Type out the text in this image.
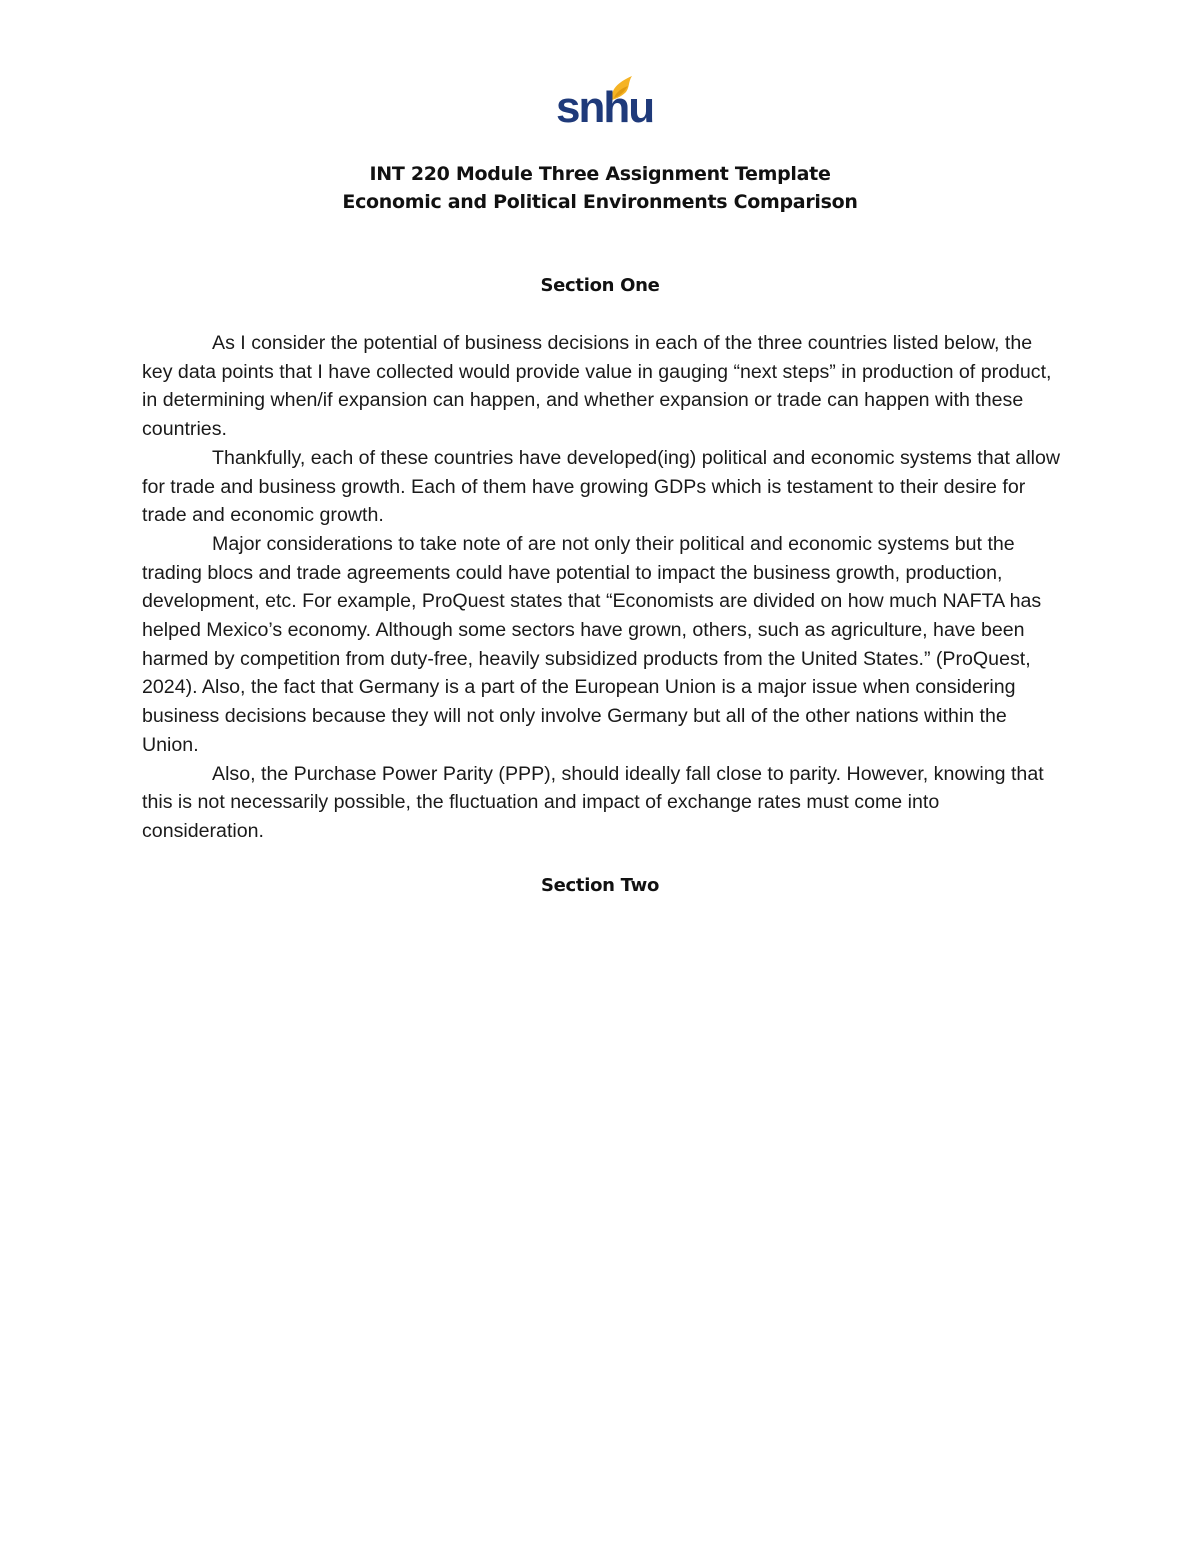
snhu
INT 220 Module Three Assignment Template
Economic and Political Environments Comparison
Section One

As I consider the potential of business decisions in each of the three countries listed below, the key data points that I have collected would provide value in gauging “next steps” in production of product, in determining when/if expansion can happen, and whether expansion or trade can happen with these countries.

Thankfully, each of these countries have developed(ing) political and economic systems that allow for trade and business growth. Each of them have growing GDPs which is testament to their desire for trade and economic growth.

Major considerations to take note of are not only their political and economic systems but the trading blocs and trade agreements could have potential to impact the business growth, production, development, etc. For example, ProQuest states that “Economists are divided on how much NAFTA has helped Mexico’s economy. Although some sectors have grown, others, such as agriculture, have been harmed by competition from duty-free, heavily subsidized products from the United States.” (ProQuest, 2024). Also, the fact that Germany is a part of the European Union is a major issue when considering business decisions because they will not only involve Germany but all of the other nations within the Union.

Also, the Purchase Power Parity (PPP), should ideally fall close to parity. However, knowing that this is not necessarily possible, the fluctuation and impact of exchange rates must come into consideration.

Section Two
